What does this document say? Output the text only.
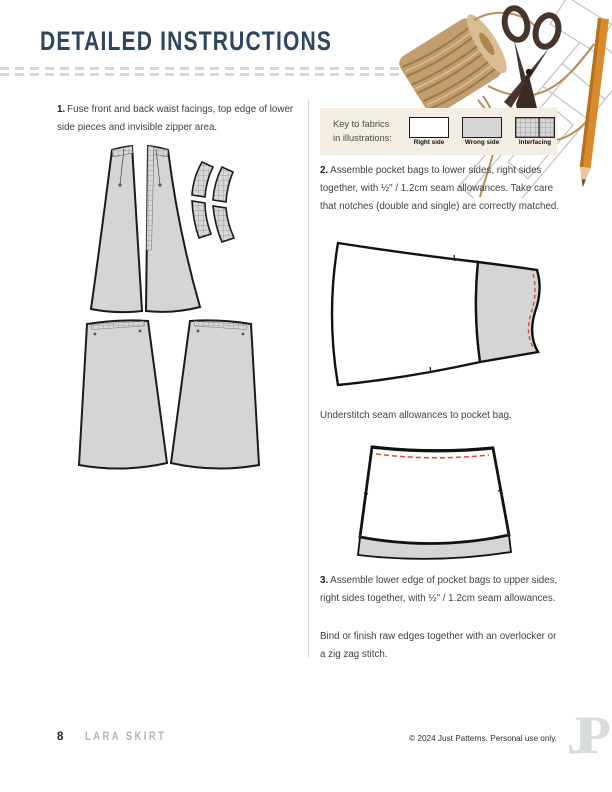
DETAILED INSTRUCTIONS

1. Fuse front and back waist facings, top edge of lower side pieces and invisible zipper area.	Key to fabrics
in illustrations:
Right side	Wrong side	Interfacing

2. Assemble pocket bags to lower sides, right sides together, with ½" / 1.2cm seam allowances. Take care that notches (double and single) are correctly matched.

Understitch seam allowances to pocket bag.

3. Assemble lower edge of pocket bags to upper sides, right sides together, with ½" / 1.2cm seam allowances.

Bind or finish raw edges together with an overlocker or a zig zag stitch.

8 LARA SKIRT	© 2024 Just Patterns. Personal use only. JP
